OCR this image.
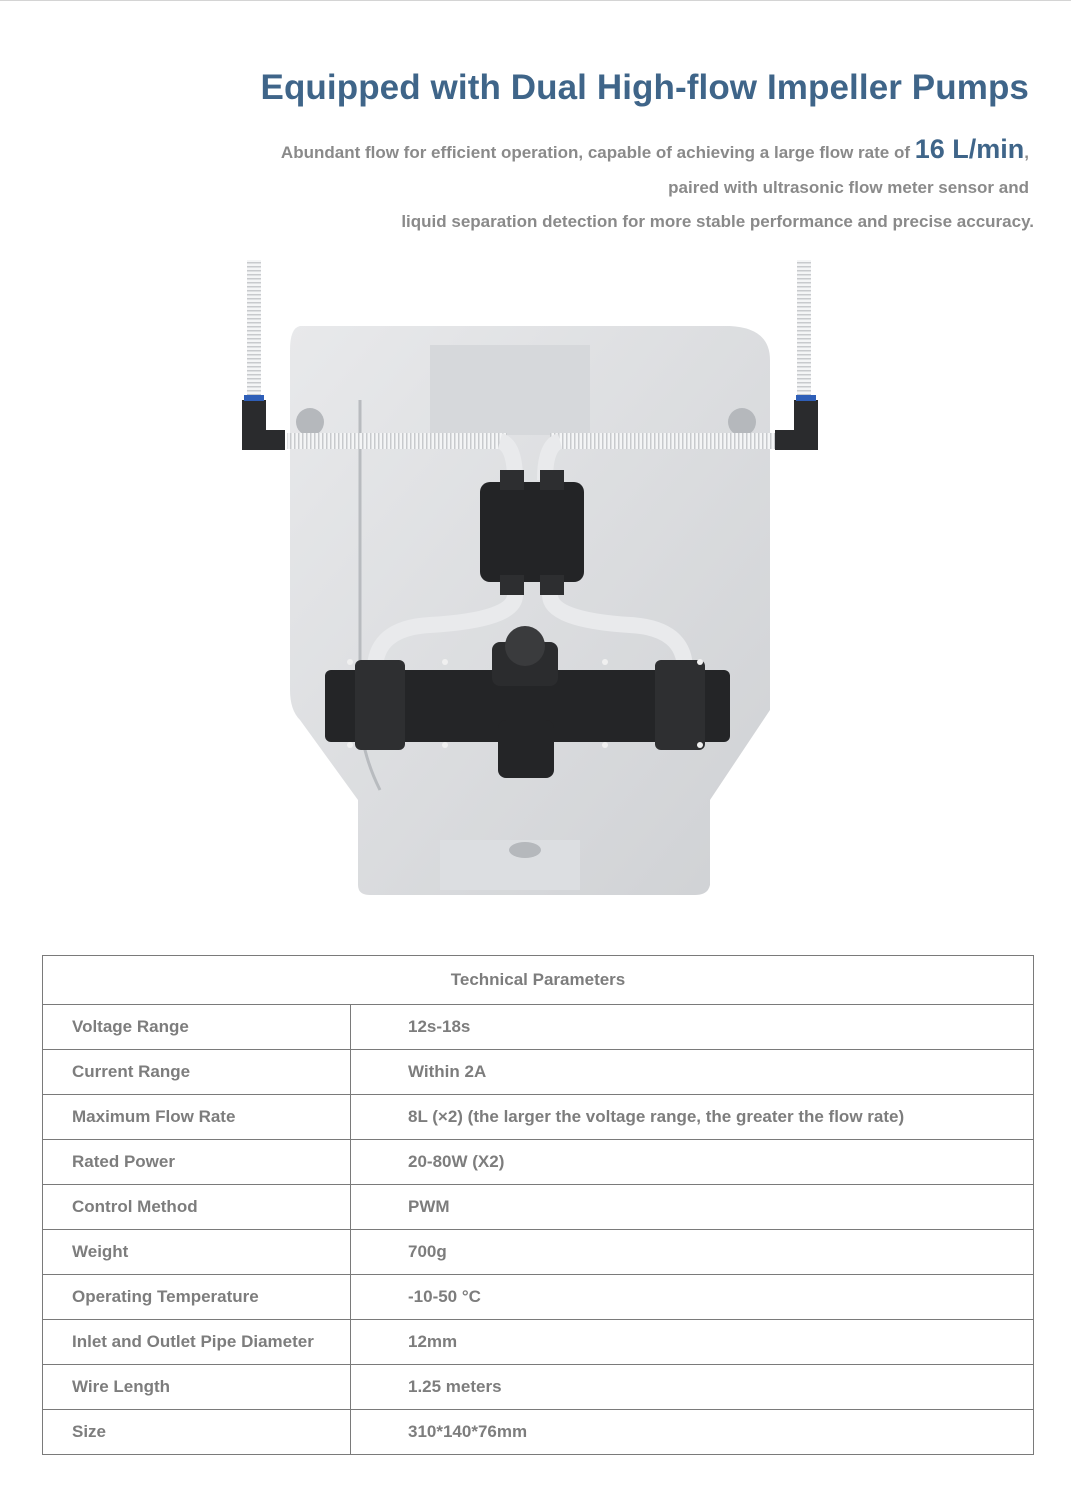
Equipped with Dual High-flow Impeller Pumps
Abundant flow for efficient operation, capable of achieving a large flow rate of 16 L/min,
paired with ultrasonic flow meter sensor and
liquid separation detection for more stable performance and precise accuracy.
Technical Parameters	
Voltage Range	12s-18s
Current Range	Within 2A
Maximum Flow Rate	8L (×2) (the larger the voltage range, the greater the flow rate)
Rated Power	20-80W (X2)
Control Method	PWM
Weight	700g
Operating Temperature	-10-50 °C
Inlet and Outlet Pipe Diameter	12mm
Wire Length	1.25 meters
Size	310*140*76mm
